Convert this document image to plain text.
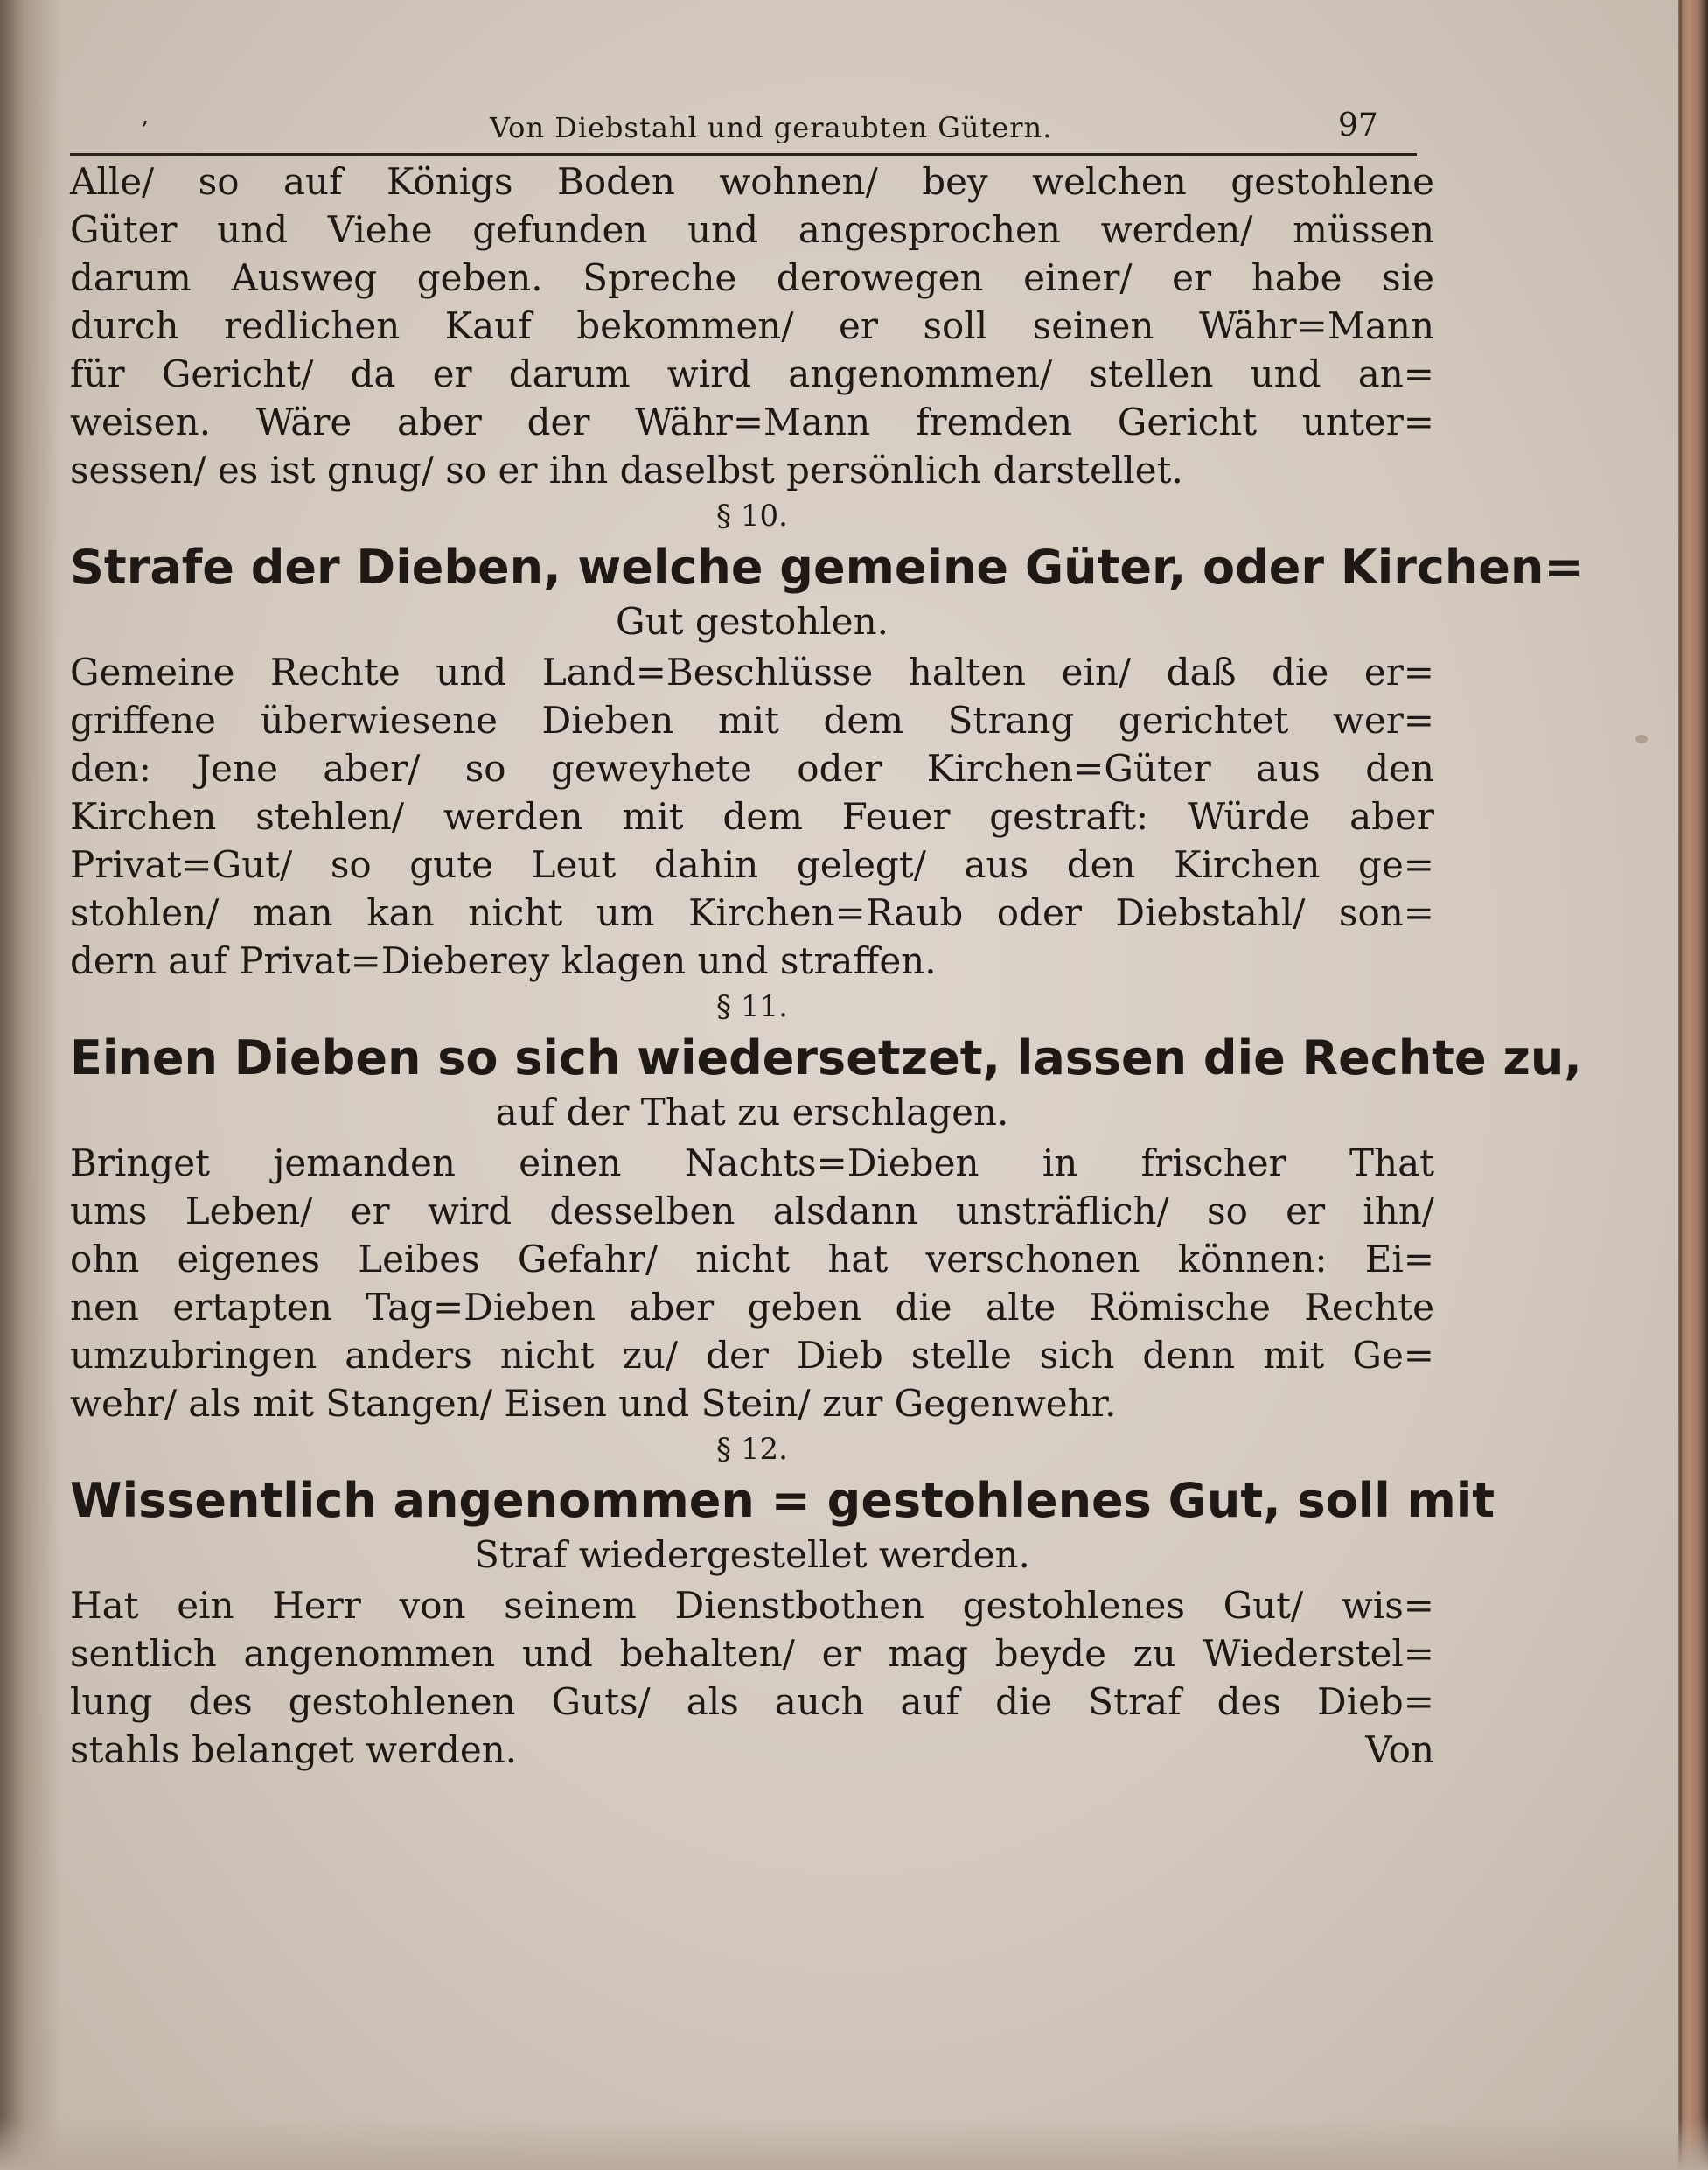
ʼ	Von Diebstahl und geraubten Gütern.	97
Alle/ so auf Königs Boden wohnen/ bey welchen gestohlene
Güter und Viehe gefunden und angesprochen werden/ müssen
darum Ausweg geben. Spreche derowegen einer/ er habe sie
durch redlichen Kauf bekommen/ er soll seinen Währ=Mann
für Gericht/ da er darum wird angenommen/ stellen und an=
weisen. Wäre aber der Währ=Mann fremden Gericht unter=
sessen/ es ist gnug/ so er ihn daselbst persönlich darstellet.

§ 10.

Strafe der Dieben, welche gemeine Güter, oder Kirchen=
Gut gestohlen.
Gemeine Rechte und Land=Beschlüsse halten ein/ daß die er=
griffene überwiesene Dieben mit dem Strang gerichtet wer=
den: Jene aber/ so geweyhete oder Kirchen=Güter aus den
Kirchen stehlen/ werden mit dem Feuer gestraft: Würde aber
Privat=Gut/ so gute Leut dahin gelegt/ aus den Kirchen ge=
stohlen/ man kan nicht um Kirchen=Raub oder Diebstahl/ son=
dern auf Privat=Dieberey klagen und straffen.

§ 11.

Einen Dieben so sich wiedersetzet, lassen die Rechte zu,
auf der That zu erschlagen.
Bringet jemanden einen Nachts=Dieben in frischer That
ums Leben/ er wird desselben alsdann unsträflich/ so er ihn/
ohn eigenes Leibes Gefahr/ nicht hat verschonen können: Ei=
nen ertapten Tag=Dieben aber geben die alte Römische Rechte
umzubringen anders nicht zu/ der Dieb stelle sich denn mit Ge=
wehr/ als mit Stangen/ Eisen und Stein/ zur Gegenwehr.

§ 12.

Wissentlich angenommen = gestohlenes Gut, soll mit
Straf wiedergestellet werden.
Hat ein Herr von seinem Dienstbothen gestohlenes Gut/ wis=
sentlich angenommen und behalten/ er mag beyde zu Wiederstel=
lung des gestohlenen Guts/ als auch auf die Straf des Dieb=
stahls belanget werden.	Von
